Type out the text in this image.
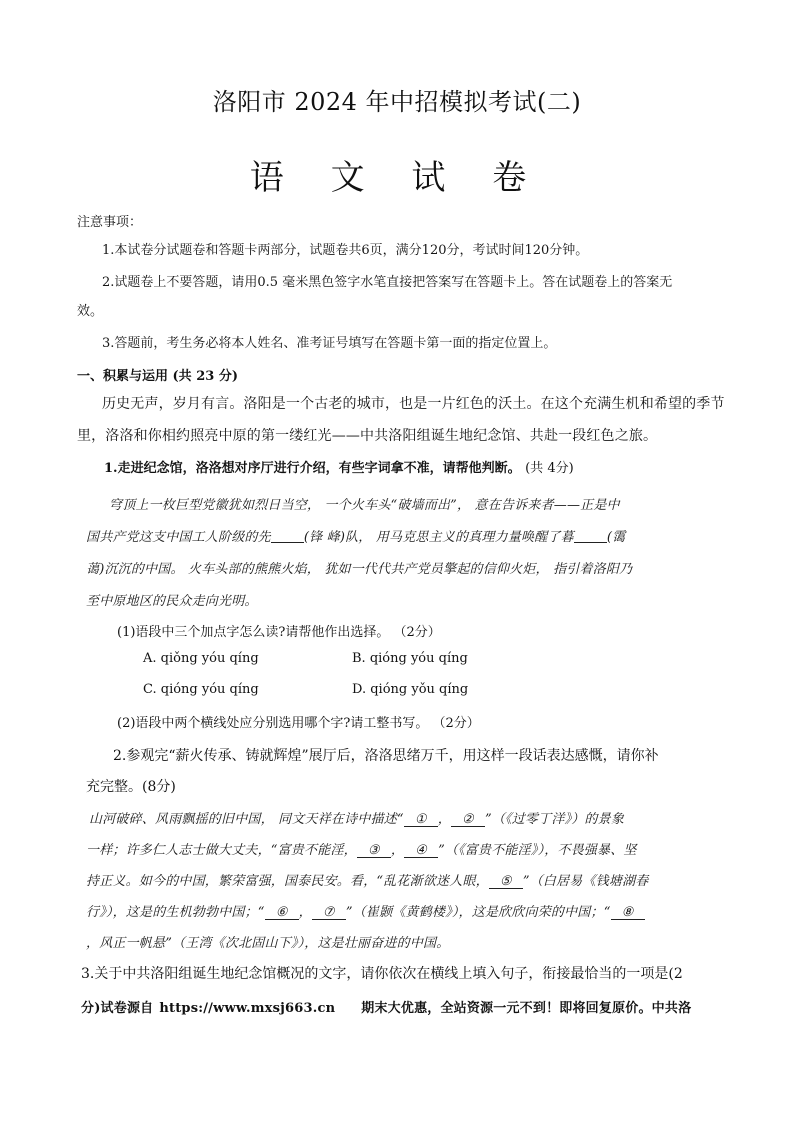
洛阳市 2024 年中招模拟考试(二)
语 文 试 卷
注意事项：
1.本试卷分试题卷和答题卡两部分，试题卷共6页，满分120分，考试时间120分钟。
2.试题卷上不要答题，请用0.5 毫米黑色签字水笔直接把答案写在答题卡上。答在试题卷上的答案无
效。
3.答题前，考生务必将本人姓名、准考证号填写在答题卡第一面的指定位置上。
一、积累与运用 (共 23 分)
历史无声，岁月有言。洛阳是一个古老的城市，也是一片红色的沃土。在这个充满生机和希望的季节
里，洛洛和你相约照亮中原的第一缕红光——中共洛阳组诞生地纪念馆、共赴一段红色之旅。
1.走进纪念馆，洛洛想对序厅进行介绍，有些字词拿不准，请帮他判断。 (共 4分)
穹顶上一枚巨型党徽犹如烈日当空， 一个火车头“破墙而出”， 意在告诉来者——正是中
国共产党这支中国工人阶级的先	(锋 峰)队， 用马克思主义的真理力量唤醒了暮	(霭
蔼)沉沉的中国。 火车头部的熊熊火焰， 犹如一代代共产党员擎起的信仰火炬， 指引着洛阳乃
至中原地区的民众走向光明。
(1)语段中三个加点字怎么读?请帮他作出选择。 （2分）
A. qiǒng yóu qíng	B. qióng yóu qíng
C. qióng yóu qíng	D. qióng yǒu qíng
(2)语段中两个横线处应分别选用哪个字?请工整书写。 （2分）
2.参观完“薪火传承、铸就辉煌”展厅后，洛洛思绪万千，用这样一段话表达感慨，请你补
充完整。(8分)
山河破碎、风雨飘摇的旧中国， 同文天祥在诗中描述“ ① ， ② ”（《过零丁洋》）的景象
一样；许多仁人志士做大丈夫，“富贵不能淫， ③ ， ④ ”（《富贵不能淫》），不畏强暴、坚
持正义。如今的中国，繁荣富强，国泰民安。看，“乱花渐欲迷人眼， ⑤ ”（白居易《钱塘湖春
行》），这是的生机勃勃中国；“ ⑥ ， ⑦ ”（崔颢《黄鹤楼》），这是欣欣向荣的中国；“ ⑧
，风正一帆悬”（王湾《次北固山下》），这是壮丽奋进的中国。
3.关于中共洛阳组诞生地纪念馆概况的文字，请你依次在横线上填入句子，衔接最恰当的一项是(2
分)试卷源自 https://www.mxsj663.cn 期末大优惠，全站资源一元不到！即将回复原价。中共洛
